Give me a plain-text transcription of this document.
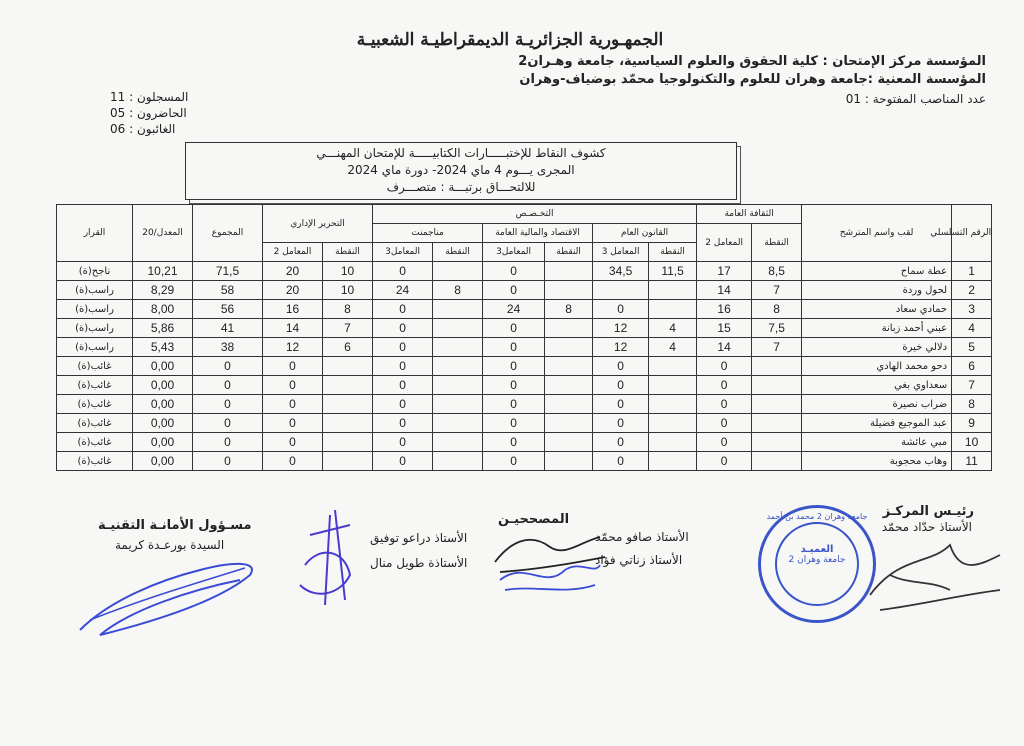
الجمهـورية الجزائريـة الديمقراطيـة الشعبيـة
المؤسسة مركز الإمتحان : كلية الحقوق والعلوم السياسية، جامعة وهـران2
المؤسسة المعنية :جامعة وهران للعلوم والتكنولوجيا محمّد بوضياف-وهران
عدد المناصب المفتوحة : 01
المسجلون : 11
الحاضرون : 05
الغائبون : 06
كشوف النقاط للإختبـــــارات الكتابيـــــة للإمتحان المهنـــي
المجرى يـــوم 4 ماي 2024- دورة ماي 2024
للالتحـــاق برتبـــة : متصـــرف
الرقم التسلسلي	لقب واسم المترشح	الثقافة العامة		التخـصـص						التحرير الإداري		المجموع	المعدل/20	القرار
		النقطة	المعامل 2	القانون العام		الاقتصاد والمالية العامة		مناجمنت						
				النقطة	المعامل 3	النقطة	المعامل3	النقطة	المعامل3	النقطة	المعامل 2			
1	عطة سماح	8,5	17	11,5	34,5		0		0	10	20	71,5	10,21	ناجح(ة)
2	لحول وردة	7	14				0	8	24	10	20	58	8,29	راسب(ة)
3	حمادي سعاد	8	16		0	8	24		0	8	16	56	8,00	راسب(ة)
4	عبني أحمد زبانة	7,5	15	4	12		0		0	7	14	41	5,86	راسب(ة)
5	دلالي خيرة	7	14	4	12		0		0	6	12	38	5,43	راسب(ة)
6	دحو محمد الهادي		0		0		0		0		0	0	0,00	غائب(ة)
7	سعداوي بغي		0		0		0		0		0	0	0,00	غائب(ة)
8	ضراب نصيرة		0		0		0		0		0	0	0,00	غائب(ة)
9	عبد الموجيع فضيلة		0		0		0		0		0	0	0,00	غائب(ة)
10	مبي عائشة		0		0		0		0		0	0	0,00	غائب(ة)
11	وهاب محجوبة		0		0		0		0		0	0	0,00	غائب(ة)
رئيـس المركـز
الأستاذ حدّاد محمّد
المصححيـن
الأستاذ صافو محمّد
الأستاذ زناتي فؤاد
الأستاذ دراعو توفيق
الأستاذة طويل منال
مسـؤول الأمانـة التقنيـة
السيدة بورعـدة كريمة
جامعة وهران 2 محمد بن أحمد
العميـد
جامعة وهران 2
